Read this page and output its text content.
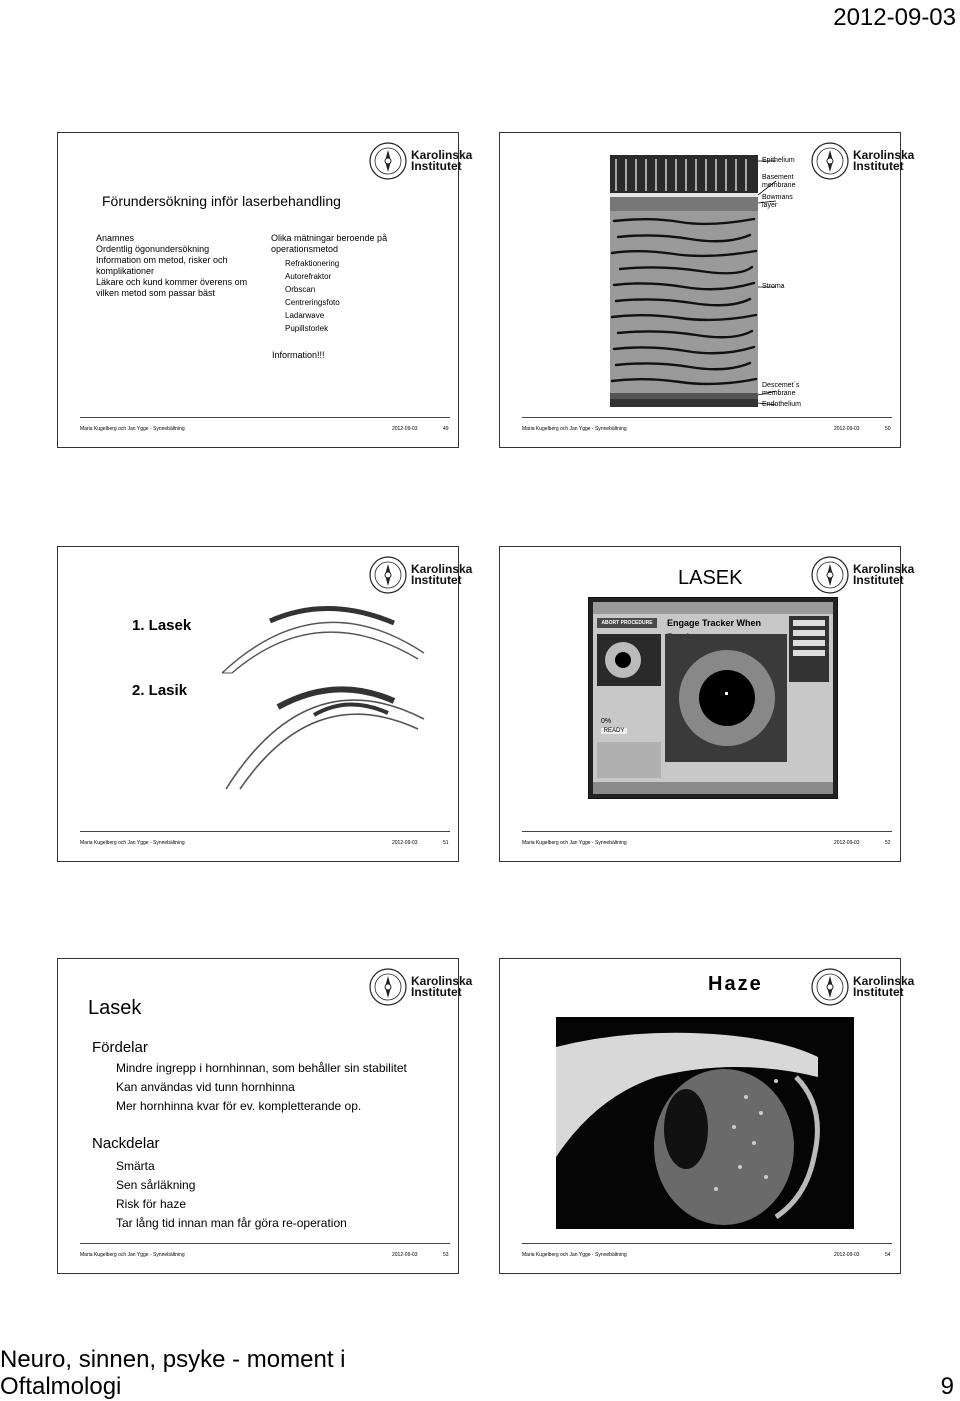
2012-09-03
Karolinska
Institutet
Förundersökning inför laserbehandling
Anamnes
Ordentlig ögonundersökning
Information om metod, risker och komplikationer
Läkare och kund kommer överens om vilken metod som passar bäst
Olika mätningar beroende på operationsmetod
Refraktionering
Autorefraktor
Orbscan
Centreringsfoto
Ladarwave
Pupillstorlek
Information!!!
Maria Kugelberg och Jan Ygge - Synnebältning	2012-09-03	49
Karolinska
Institutet
Epithelium
Basement membrane
Bowmans layer
Stroma
Descemet´s membrane
Endothelium
Maria Kugelberg och Jan Ygge - Synnebältning	2012-09-03	50
Karolinska
Institutet
1. Lasek
2. Lasik
Maria Kugelberg och Jan Ygge - Synnebältning	2012-09-03	51
Karolinska
Institutet
LASEK
ABORT PROCEDURE	Engage Tracker When
0%
READY
Maria Kugelberg och Jan Ygge - Synnebältning	2012-09-03	52
Karolinska
Institutet
Lasek
Fördelar
Mindre ingrepp i hornhinnan, som behåller sin stabilitet
Kan användas vid tunn hornhinna
Mer hornhinna kvar för ev. kompletterande op.
Nackdelar
Smärta
Sen sårläkning
Risk för haze
Tar lång tid innan man får göra re-operation
Maria Kugelberg och Jan Ygge - Synnebältning	2012-09-03	53
Karolinska
Institutet
Haze
Maria Kugelberg och Jan Ygge - Synnebältning	2012-09-03	54
Neuro, sinnen, psyke - moment i
Oftalmologi	9
